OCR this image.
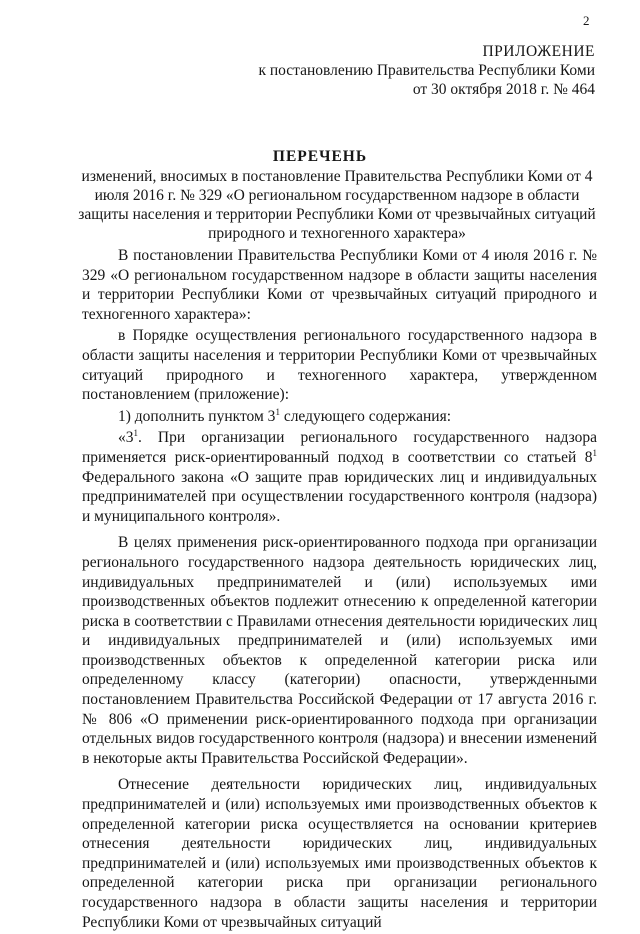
2
ПРИЛОЖЕНИЕ
к постановлению Правительства Республики Коми
от 30 октября 2018 г. № 464
ПЕРЕЧЕНЬ
изменений, вносимых в постановление Правительства Республики Коми от 4 июля 2016 г. № 329 «О региональном государственном надзоре в области защиты населения и территории Республики Коми от чрезвычайных ситуаций природного и техногенного характера»

В постановлении Правительства Республики Коми от 4 июля 2016 г. № 329 «О региональном государственном надзоре в области защиты населения и территории Республики Коми от чрезвычайных ситуаций природного и техногенного характера»:

в Порядке осуществления регионального государственного надзора в области защиты населения и территории Республики Коми от чрезвычайных ситуаций природного и техногенного характера, утвержденном постановлением (приложение):

1) дополнить пунктом $3^1$ следующего содержания:

«$3^1$. При организации регионального государственного надзора применяется риск-ориентированный подход в соответствии со статьей $8^1$ Федерального закона «О защите прав юридических лиц и индивидуальных предпринимателей при осуществлении государственного контроля (надзора) и муниципального контроля».

В целях применения риск-ориентированного подхода при организации регионального государственного надзора деятельность юридических лиц, индивидуальных предпринимателей и (или) используемых ими производственных объектов подлежит отнесению к определенной категории риска в соответствии с Правилами отнесения деятельности юридических лиц и индивидуальных предпринимателей и (или) используемых ими производственных объектов к определенной категории риска или определенному классу (категории) опасности, утвержденными постановлением Правительства Российской Федерации от 17 августа 2016 г. № 806 «О применении риск-ориентированного подхода при организации отдельных видов государственного контроля (надзора) и внесении изменений в некоторые акты Правительства Российской Федерации».

Отнесение деятельности юридических лиц, индивидуальных предпринимателей и (или) используемых ими производственных объектов к определенной категории риска осуществляется на основании критериев отнесения деятельности юридических лиц, индивидуальных предпринимателей и (или) используемых ими производственных объектов к определенной категории риска при организации регионального государственного надзора в области защиты населения и территории Республики Коми от чрезвычайных ситуаций
